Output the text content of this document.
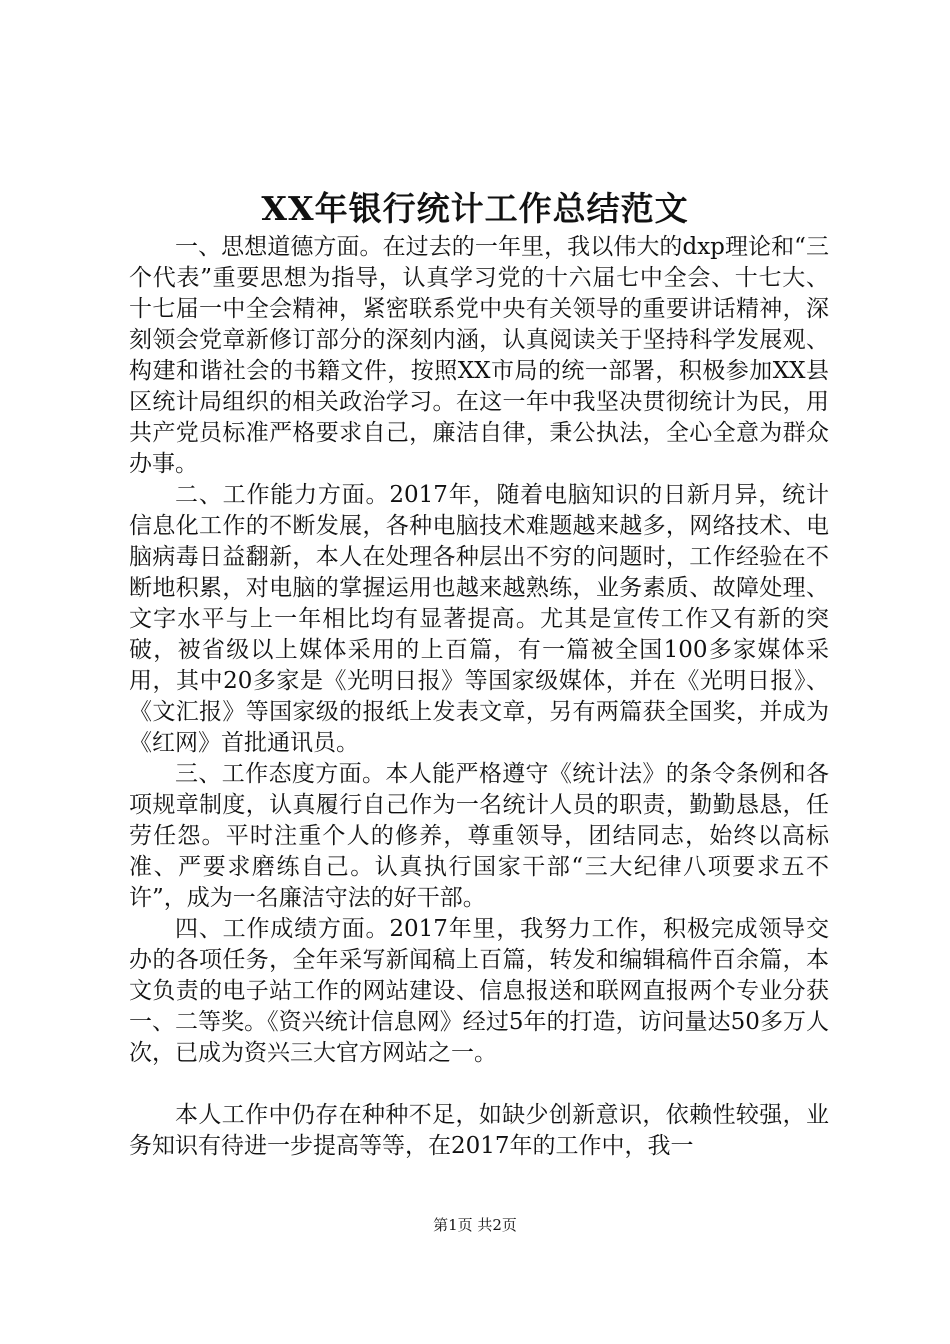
XX年银行统计工作总结范文

一、思想道德方面。在过去的一年里，我以伟大的dxp理论和“三个代表”重要思想为指导，认真学习党的十六届七中全会、十七大、十七届一中全会精神，紧密联系党中央有关领导的重要讲话精神，深刻领会党章新修订部分的深刻内涵，认真阅读关于坚持科学发展观、构建和谐社会的书籍文件，按照XX市局的统一部署，积极参加XX县区统计局组织的相关政治学习。在这一年中我坚决贯彻统计为民，用共产党员标准严格要求自己，廉洁自律，秉公执法，全心全意为群众办事。

二、工作能力方面。2017年，随着电脑知识的日新月异，统计信息化工作的不断发展，各种电脑技术难题越来越多，网络技术、电脑病毒日益翻新，本人在处理各种层出不穷的问题时，工作经验在不断地积累，对电脑的掌握运用也越来越熟练，业务素质、故障处理、文字水平与上一年相比均有显著提高。尤其是宣传工作又有新的突破，被省级以上媒体采用的上百篇，有一篇被全国100多家媒体采用，其中20多家是《光明日报》等国家级媒体，并在《光明日报》、《文汇报》等国家级的报纸上发表文章，另有两篇获全国奖，并成为《红网》首批通讯员。

三、工作态度方面。本人能严格遵守《统计法》的条令条例和各项规章制度，认真履行自己作为一名统计人员的职责，勤勤恳恳，任劳任怨。平时注重个人的修养，尊重领导，团结同志，始终以高标准、严要求磨练自己。认真执行国家干部“三大纪律八项要求五不许”，成为一名廉洁守法的好干部。

四、工作成绩方面。2017年里，我努力工作，积极完成领导交办的各项任务，全年采写新闻稿上百篇，转发和编辑稿件百余篇，本文负责的电子站工作的网站建设、信息报送和联网直报两个专业分获一、二等奖。《资兴统计信息网》经过5年的打造，访问量达50多万人次，已成为资兴三大官方网站之一。

本人工作中仍存在种种不足，如缺少创新意识，依赖性较强，业务知识有待进一步提高等等，在2017年的工作中，我一

第1页 共2页
